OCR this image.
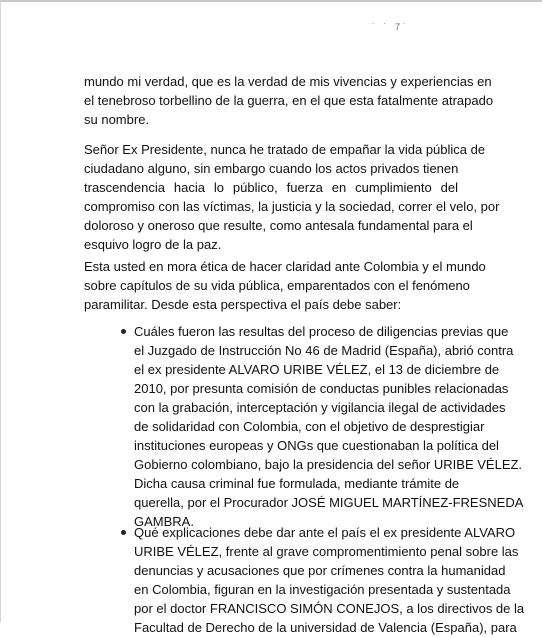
˙ ˙ 7˙
mundo mi verdad, que es la verdad de mis vivencias y experiencias en
el tenebroso torbellino de la guerra, en el que esta fatalmente atrapado
su nombre.
Señor Ex Presidente, nunca he tratado de empañar la vida pública de
ciudadano alguno, sin embargo cuando los actos privados tienen
trascendencia hacia lo público, fuerza en cumplimiento del
compromiso con las víctimas, la justicia y la sociedad, correr el velo, por
doloroso y oneroso que resulte, como antesala fundamental para el
esquivo logro de la paz.
Esta usted en mora ética de hacer claridad ante Colombia y el mundo
sobre capítulos de su vida pública, emparentados con el fenómeno
paramilitar. Desde esta perspectiva el país debe saber:
Cuáles fueron las resultas del proceso de diligencias previas que
el Juzgado de Instrucción No 46 de Madrid (España), abrió contra
el ex presidente ALVARO URIBE VÉLEZ, el 13 de diciembre de
2010, por presunta comisión de conductas punibles relacionadas
con la grabación, interceptación y vigilancia ilegal de actividades
de solidaridad con Colombia, con el objetivo de desprestigiar
instituciones europeas y ONGs que cuestionaban la política del
Gobierno colombiano, bajo la presidencia del señor URIBE VÉLEZ.
Dicha causa criminal fue formulada, mediante trámite de
querella, por el Procurador JOSÉ MIGUEL MARTÍNEZ-FRESNEDA
GAMBRA.
Qué explicaciones debe dar ante el país el ex presidente ALVARO
URIBE VÉLEZ, frente al grave compromentimiento penal sobre las
denuncias y acusaciones que por crímenes contra la humanidad
en Colombia, figuran en la investigación presentada y sustentada
por el doctor FRANCISCO SIMÓN CONEJOS, a los directivos de la
Facultad de Derecho de la universidad de Valencia (España), para
